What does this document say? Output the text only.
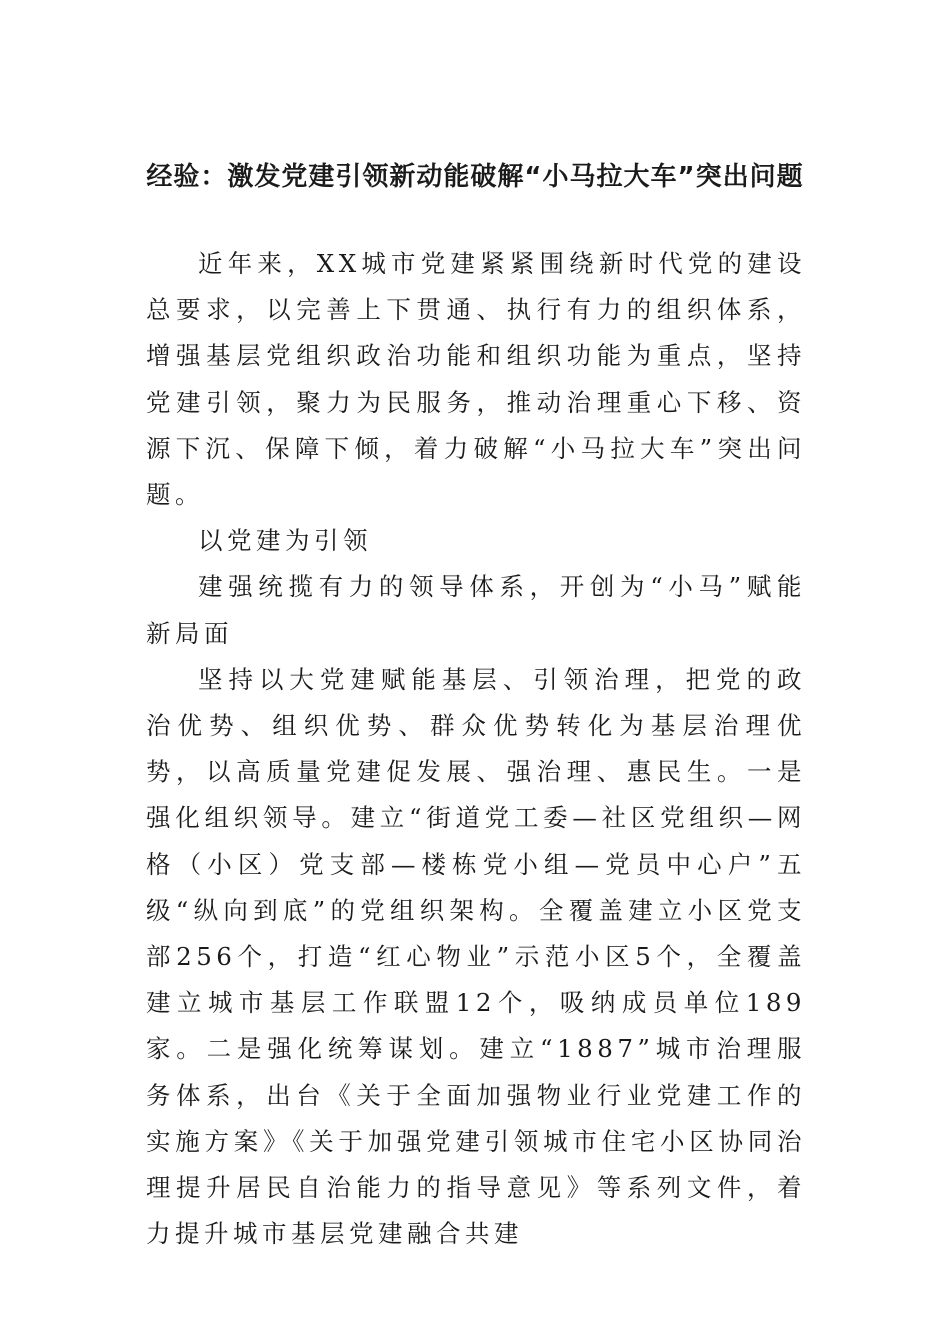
经验：激发党建引领新动能破解“小马拉大车”突出问题

近年来，XX城市党建紧紧围绕新时代党的建设总要求，以完善上下贯通、执行有力的组织体系，增强基层党组织政治功能和组织功能为重点，坚持党建引领，聚力为民服务，推动治理重心下移、资源下沉、保障下倾，着力破解“小马拉大车”突出问题。

以党建为引领

建强统揽有力的领导体系，开创为“小马”赋能新局面

坚持以大党建赋能基层、引领治理，把党的政治优势、组织优势、群众优势转化为基层治理优势，以高质量党建促发展、强治理、惠民生。一是强化组织领导。建立“街道党工委—社区党组织—网格（小区）党支部—楼栋党小组—党员中心户”五级“纵向到底”的党组织架构。全覆盖建立小区党支部256个，打造“红心物业”示范小区5个，全覆盖建立城市基层工作联盟12个，吸纳成员单位189家。二是强化统筹谋划。建立“1887”城市治理服务体系，出台《关于全面加强物业行业党建工作的实施方案》《关于加强党建引领城市住宅小区协同治理提升居民自治能力的指导意见》等系列文件，着力提升城市基层党建融合共建
